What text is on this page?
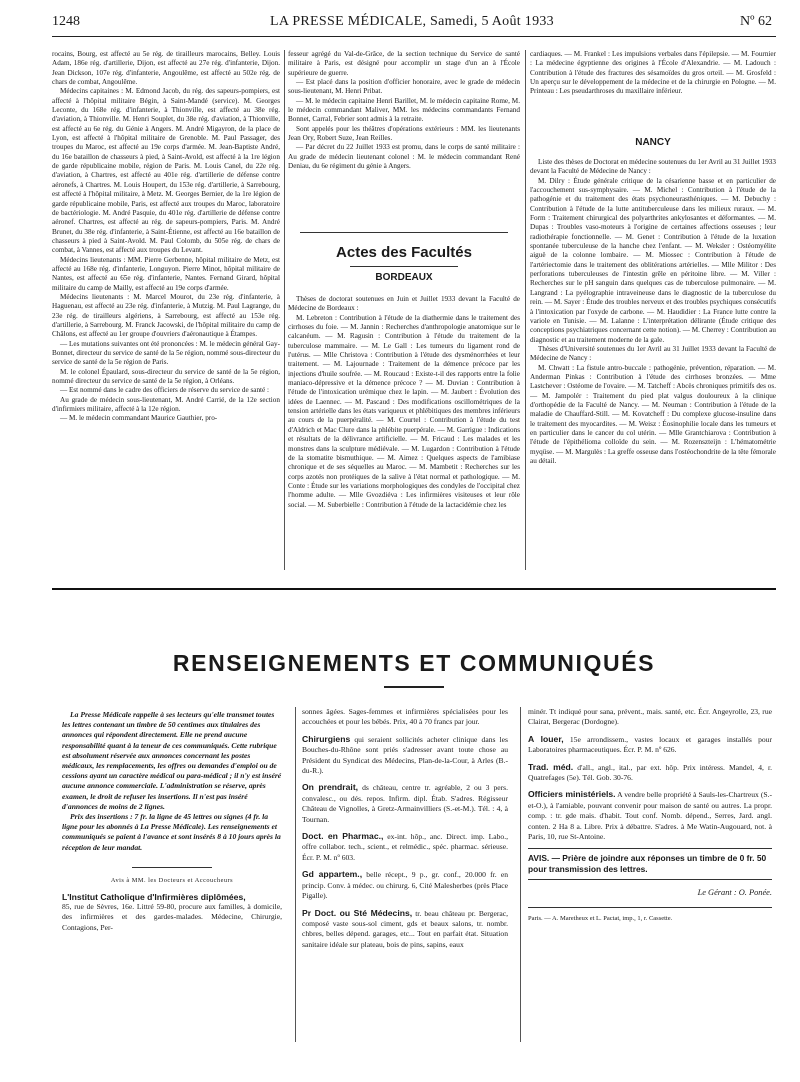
1248	LA PRESSE MÉDICALE, Samedi, 5 Août 1933	Nº 62

rocains, Bourg, est affecté au 5e rég. de tirailleurs marocains, Belley. Louis Adam, 186e rég. d'artillerie, Dijon, est affecté au 27e rég. d'infanterie, Dijon. Jean Dickson, 107e rég. d'infanterie, Angoulême, est affecté au 502e rég. de chars de combat, Angoulême.

Médecins capitaines : M. Edmond Jacob, du rég. des sapeurs-pompiers, est affecté à l'hôpital militaire Bégin, à Saint-Mandé (service). M. Georges Leconte, du 168e rég. d'infanterie, à Thionville, est affecté au 38e rég. d'aviation, à Thionville. M. Henri Souplet, du 38e rég. d'aviation, à Thionville, est affecté au 6e rég. du Génie à Angers. M. André Migayron, de la place de Lyon, est affecté à l'hôpital militaire de Grenoble. M. Paul Passager, des troupes du Maroc, est affecté au 19e corps d'armée. M. Jean-Baptiste André, du 16e bataillon de chasseurs à pied, à Saint-Avold, est affecté à la 1re légion de garde républicaine mobile, région de Paris. M. Louis Canel, du 22e rég. d'aviation, à Chartres, est affecté au 401e rég. d'artillerie de défense contre aéronefs, à Chartres. M. Louis Houpert, du 153e rég. d'artillerie, à Sarrebourg, est affecté à l'hôpital militaire, à Metz. M. Georges Bernier, de la 1re légion de garde républicaine mobile, Paris, est affecté aux troupes du Maroc, laboratoire de bactériologie. M. André Pasquie, du 401e rég. d'artillerie de défense contre aéronef. Chartres, est affecté au rég. de sapeurs-pompiers, Paris. M. André Brunet, du 38e rég. d'infanterie, à Saint-Étienne, est affecté au 16e bataillon de chasseurs à pied à Saint-Avold. M. Paul Colomb, du 505e rég. de chars de combat, à Vannes, est affecté aux troupes du Levant.

Médecins lieutenants : MM. Pierre Gerbenne, hôpital militaire de Metz, est affecté au 168e rég. d'infanterie, Longuyon. Pierre Minot, hôpital militaire de Nantes, est affecté au 65e rég. d'infanterie, Nantes. Fernand Girard, hôpital militaire du camp de Mailly, est affecté au 19e corps d'armée.

Médecins lieutenants : M. Marcel Mourot, du 23e rég. d'infanterie, à Haguenau, est affecté au 23e rég. d'infanterie, à Mutzig. M. Paul Lagrange, du 23e rég. de tirailleurs algériens, à Sarrebourg, est affecté au 153e rég. d'artillerie, à Sarrebourg. M. Franck Jacowski, de l'hôpital militaire du camp de Châlons, est affecté au 1er groupe d'ouvriers d'aéronautique à Étampes.

— Les mutations suivantes ont été prononcées : M. le médecin général Gay-Bonnet, directeur du service de santé de la 5e région, nommé sous-directeur du service de santé de la 5e région de Paris.

M. le colonel Épaulard, sous-directeur du service de santé de la 5e région, nommé directeur du service de santé de la 5e région, à Orléans.

— Est nommé dans le cadre des officiers de réserve du service de santé :

Au grade de médecin sous-lieutenant, M. André Carrié, de la 12e section d'infirmiers militaire, affecté à la 12e région.

— M. le médecin commandant Maurice Gauthier, pro-

fesseur agrégé du Val-de-Grâce, de la section technique du Service de santé militaire à Paris, est désigné pour accomplir un stage d'un an à l'École supérieure de guerre.

— Est placé dans la position d'officier honoraire, avec le grade de médecin sous-lieutenant, M. Henri Pribat.

— M. le médecin capitaine Henri Barillet, M. le médecin capitaine Rome, M. le médecin commandant Maliver, MM. les médecins commandants Fernand Bonnet, Carral, Febrier sont admis à la retraite.

Sont appelés pour les théâtres d'opérations extérieurs : MM. les lieutenants Jean Ory, Robert Suze, Jean Reilles.

— Par décret du 22 Juillet 1933 est promu, dans le corps de santé militaire : Au grade de médecin lieutenant colonel : M. le médecin commandant René Deniau, du 6e régiment du génie à Angers.

Actes des Facultés
BORDEAUX

Thèses de doctorat soutenues en Juin et Juillet 1933 devant la Faculté de Médecine de Bordeaux :

M. Lebreton : Contribution à l'étude de la diathermie dans le traitement des cirrhoses du foie. — M. Jannin : Recherches d'anthropologie anatomique sur le calcanéum. — M. Ragusin : Contribution à l'étude du traitement de la tuberculose mammaire. — M. Le Gall : Les tumeurs du ligament rond de l'utérus. — Mlle Christova : Contribution à l'étude des dysménorrhées et leur traitement. — M. Lajournade : Traitement de la démence précoce par les injections d'huile soufrée. — M. Roucaud : Existe-t-il des rapports entre la folie maniaco-dépressive et la démence précoce ? — M. Duvian : Contribution à l'étude de l'intoxication urémique chez le lapin. — M. Jaubert : Évolution des idées de Laennec. — M. Pascaud : Des modifications oscillométriques de la tension artérielle dans les états variqueux et phlébitiques des membres inférieurs au cours de la puerpéralité. — M. Courtel : Contribution à l'étude du test d'Aldrich et Mac Clure dans la phlébite puerpérale. — M. Garrigue : Indications et résultats de la délivrance artificielle. — M. Fricaud : Les malades et les monstres dans la sculpture médiévale. — M. Lugardon : Contribution à l'étude de la stomatite bismuthique. — M. Aimez : Quelques aspects de l'amibiase chronique et de ses séquelles au Maroc. — M. Mambetit : Recherches sur les corps azotés non protéiques de la salive à l'état normal et pathologique. — M. Conte : Étude sur les variations morphologiques des condyles de l'occipital chez l'homme adulte. — Mlle Gvozdiéva : Les infirmières visiteuses et leur rôle social. — M. Suberbielle : Contribution à l'étude de la lactacidémie chez les

cardiaques. — M. Frankel : Les impulsions verbales dans l'épilepsie. — M. Fournier : La médecine égyptienne des origines à l'École d'Alexandrie. — M. Ladouch : Contribution à l'étude des fractures des sésamoïdes du gros orteil. — M. Grosfeld : Un aperçu sur le développement de la médecine et de la chirurgie en Pologne. — M. Printeau : Les pseudarthroses du maxillaire inférieur.

NANCY

Liste des thèses de Doctorat en médecine soutenues du 1er Avril au 31 Juillet 1933 devant la Faculté de Médecine de Nancy :

M. Dilry : Étude générale critique de la césarienne basse et en particulier de l'accouchement sus-symphysaire. — M. Michel : Contribution à l'étude de la pathogénie et du traitement des états psychoneurasthéniques. — M. Debuchy : Contribution à l'étude de la lutte antituberculeuse dans les milieux ruraux. — M. Form : Traitement chirurgical des polyarthrites ankylosantes et déformantes. — M. Dupas : Troubles vaso-moteurs à l'origine de certaines affections osseuses ; leur radiothérapie fonctionnelle. — M. Genet : Contribution à l'étude de la luxation spontanée tuberculeuse de la hanche chez l'enfant. — M. Weksler : Ostéomyélite aiguë de la colonne lombaire. — M. Miossec : Contribution à l'étude de l'artériectomie dans le traitement des oblitérations artérielles. — Mlle Militor : Des perforations tuberculeuses de l'intestin grêle en péritoine libre. — M. Viller : Recherches sur le pH sanguin dans quelques cas de tuberculose pulmonaire. — M. Langrand : La pyélographie intraveineuse dans le diagnostic de la tuberculose du rein. — M. Sayer : Étude des troubles nerveux et des troubles psychiques consécutifs à l'intoxication par l'oxyde de carbone. — M. Haudidier : La France lutte contre la variole en Tunisie. — M. Lalanne : L'interprétation délirante (Étude critique des conceptions psychiatriques concernant cette notion). — M. Cherrey : Contribution au diagnostic et au traitement moderne de la gale.

Thèses d'Université soutenues du 1er Avril au 31 Juillet 1933 devant la Faculté de Médecine de Nancy :

M. Chwatt : La fistule antro-buccale : pathogénie, prévention, réparation. — M. Anderman Pinkas : Contribution à l'étude des cirrhoses bronzées. — Mme Lastchever : Ostéome de l'ovaire. — M. Tatcheff : Abcès chroniques primitifs des os. — M. Jampolér : Traitement du pied plat valgus douloureux à la clinique d'orthopédie de la Faculté de Nancy. — M. Neuman : Contribution à l'étude de la maladie de Chauffard-Still. — M. Kovatcheff : Du complexe glucose-insuline dans le traitement des myocardites. — M. Weisz : Éosinophilie locale dans les tumeurs et en particulier dans le cancer du col utérin. — Mlle Grantchiarova : Contribution à l'étude de l'épithélioma colloïde du sein. — M. Rozenszteijn : L'hématométrie myqüse. — M. Margulès : La greffe osseuse dans l'ostéochondrite de la tête fémorale au détail.

RENSEIGNEMENTS ET COMMUNIQUÉS

La Presse Médicale rappelle à ses lecteurs qu'elle transmet toutes les lettres contenant un timbre de 50 centimes aux titulaires des annonces qui répondent directement. Elle ne prend aucune responsabilité quant à la teneur de ces communiqués. Cette rubrique est absolument réservée aux annonces concernant les postes médicaux, les remplacements, les offres ou demandes d'emploi ou de cessions ayant un caractère médical ou para-médical ; il n'y est inséré aucune annonce commerciale. L'administration se réserve, après examen, le droit de refuser les insertions. Il n'est pas inséré d'annonces de moins de 2 lignes.

Prix des insertions : 7 fr. la ligne de 45 lettres ou signes (4 fr. la ligne pour les abonnés à La Presse Médicale). Les renseignements et communiqués se paient à l'avance et sont insérés 8 à 10 jours après la réception de leur mandat.

Avis à MM. les Docteurs et Accoucheurs
L'Institut Catholique d'Infirmières diplômées,
85, rue de Sèvres, 16e. Littré 59-80, procure aux familles, à domicile, des infirmières et des gardes-malades. Médecine, Chirurgie, Contagions, Per-

sonnes âgées. Sages-femmes et infirmières spécialisées pour les accouchées et pour les bébés. Prix, 40 à 70 francs par jour.

Chirurgiens qui seraient sollicités acheter clinique dans les Bouches-du-Rhône sont priés s'adresser avant toute chose au Président du Syndicat des Médecins, Plan-de-la-Cour, à Arles (B.-du-R.).

On prendrait, ds château, centre tr. agréable, 2 ou 3 pers. convalesc., ou dés. repos. Infirm. dipl. Étab. S'adres. Régisseur Château de Vignolles, à Gretz-Armainvilliers (S.-et-M.). Tél. : 4, à Tournan.

Doct. en Pharmac., ex-int. hôp., anc. Direct. imp. Labo., offre collabor. tech., scient., et relmédic., spéc. pharmac. sérieuse. Écr. P. M. nº 603.

Gd appartem., belle récept., 9 p., gr. conf., 20.000 fr. en princip. Conv. à médec. ou chirurg. 6, Cité Malesherbes (près Place Pigalle).

Pr Doct. ou Sté Médecins, tr. beau château pr. Bergerac, composé vaste sous-sol ciment, gds et beaux salons, tr. nombr. chbres, belles dépend. garages, etc... Tout en parfait état. Situation sanitaire idéale sur plateau, bois de pins, sapins, eaux

minér. Tt indiqué pour sana, prévent., mais. santé, etc. Écr. Angeyrolle, 23, rue Clairat, Bergerac (Dordogne).

A louer, 15e arrondissem., vastes locaux et garages installés pour Laboratoires pharmaceutiques. Écr. P. M. nº 626.

Trad. méd. d'all., angl., ital., par ext. hôp. Prix intéress. Mandel, 4, r. Quatrefages (5e). Tél. Gob. 30-76.

Officiers ministériels. A vendre belle propriété à Sauls-les-Chartreux (S.-et-O.), à l'amiable, pouvant convenir pour maison de santé ou autres. La propr. comp. : tr. gde mais. d'habit. Tout conf. Nomb. dépend., Serres, Jard. angl. conten. 2 Ha 8 a. Libre. Prix à débattre. S'adres. à Me Watin-Augouard, not. à Paris, 10, rue St-Antoine.

AVIS. — Prière de joindre aux réponses un timbre de 0 fr. 50 pour transmission des lettres.
Le Gérant : O. Ponée.
Paris. — A. Maretheux et L. Pactat, imp., 1, r. Cassette.
